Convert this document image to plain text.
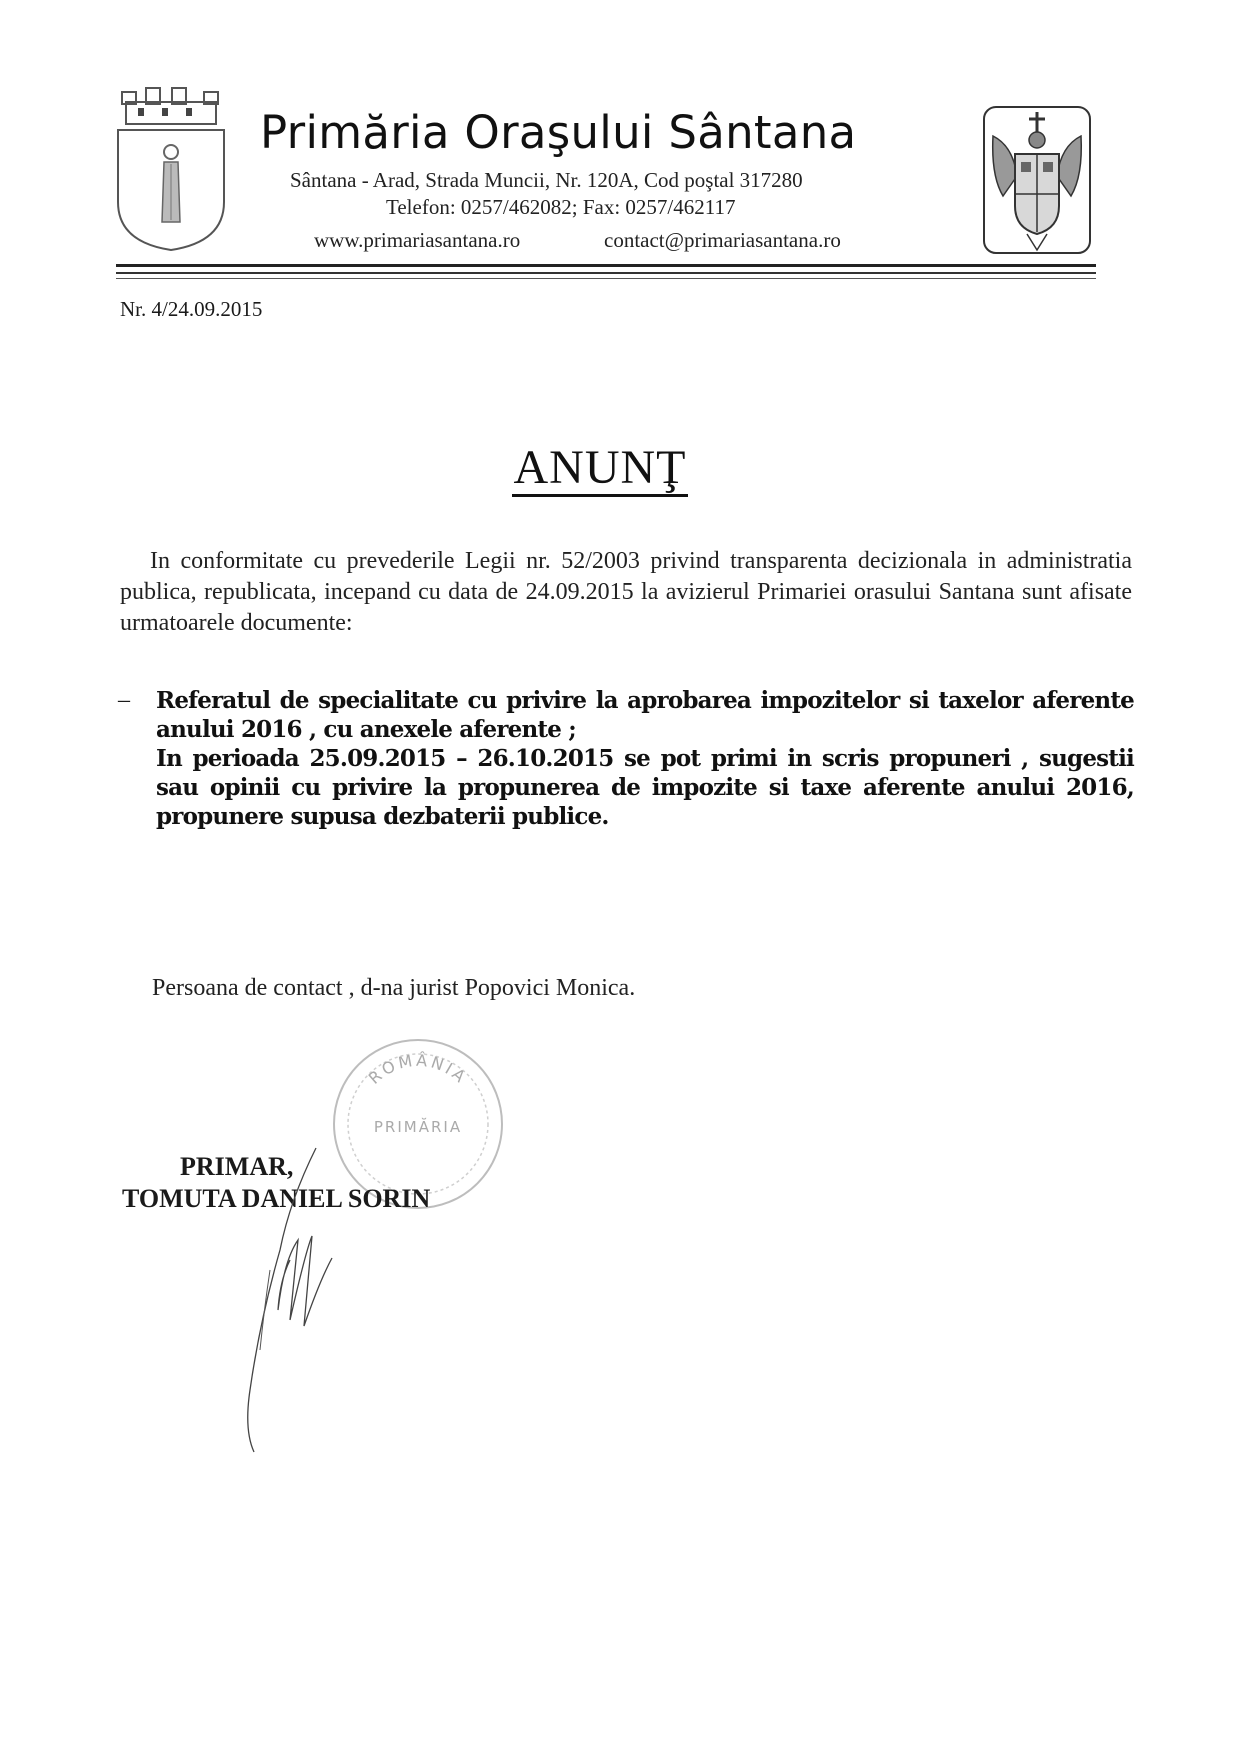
Primăria Oraşului Sântana
Sântana - Arad, Strada Muncii, Nr. 120A, Cod poştal 317280
Telefon: 0257/462082; Fax: 0257/462117
www.primariasantana.ro	contact@primariasantana.ro
Nr. 4/24.09.2015
ANUNŢ
In conformitate cu prevederile Legii nr. 52/2003 privind transparenta decizionala in administratia publica, republicata, incepand cu data de 24.09.2015 la avizierul Primariei orasului Santana sunt afisate urmatoarele documente:
– Referatul de specialitate cu privire la aprobarea impozitelor si taxelor aferente anului 2016 , cu anexele aferente ;
In perioada 25.09.2015 – 26.10.2015 se pot primi in scris propuneri , sugestii sau opinii cu privire la propunerea de impozite si taxe aferente anului 2016, propunere supusa dezbaterii publice.
Persoana de contact , d-na jurist Popovici Monica.
ROMÂNIA
PRIMĂRIA
PRIMAR,
TOMUTA DANIEL SORIN
